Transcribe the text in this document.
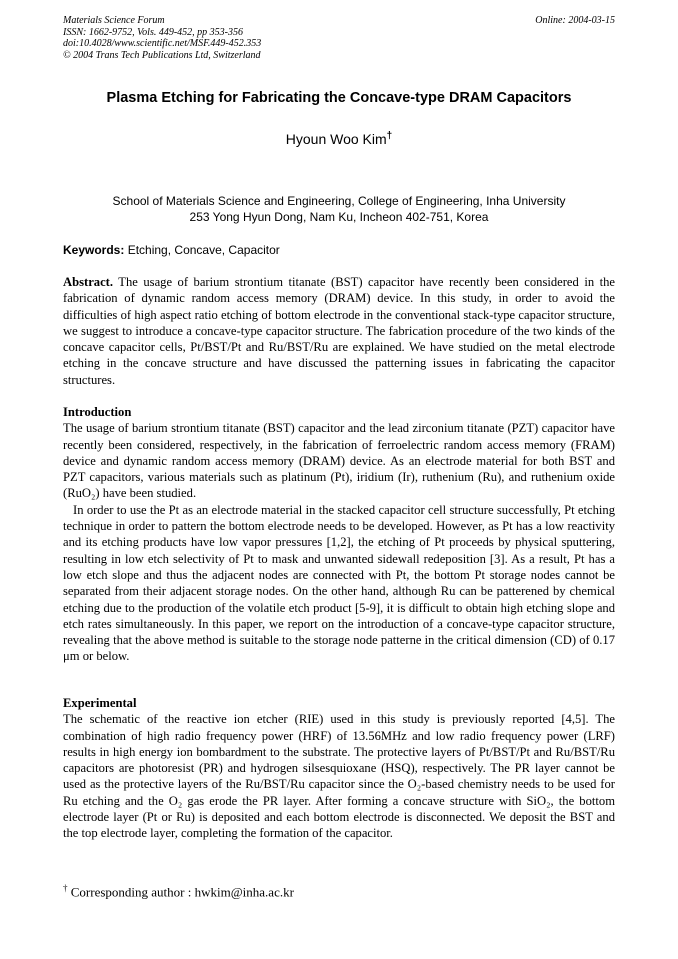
Materials Science Forum
ISSN: 1662-9752, Vols. 449-452, pp 353-356
doi:10.4028/www.scientific.net/MSF.449-452.353
© 2004 Trans Tech Publications Ltd, Switzerland
Online: 2004-03-15
Plasma Etching for Fabricating the Concave-type DRAM Capacitors
Hyoun Woo Kim†
School of Materials Science and Engineering, College of Engineering, Inha University
253 Yong Hyun Dong, Nam Ku, Incheon 402-751, Korea
Keywords: Etching, Concave, Capacitor

Abstract. The usage of barium strontium titanate (BST) capacitor have recently been considered in the fabrication of dynamic random access memory (DRAM) device. In this study, in order to avoid the difficulties of high aspect ratio etching of bottom electrode in the conventional stack-type capacitor structure, we suggest to introduce a concave-type capacitor structure. The fabrication procedure of the two kinds of the concave capacitor cells, Pt/BST/Pt and Ru/BST/Ru are explained. We have studied on the metal electrode etching in the concave structure and have discussed the patterning issues in fabricating the capacitor structures.

Introduction

The usage of barium strontium titanate (BST) capacitor and the lead zirconium titanate (PZT) capacitor have recently been considered, respectively, in the fabrication of ferroelectric random access memory (FRAM) device and dynamic random access memory (DRAM) device. As an electrode material for both BST and PZT capacitors, various materials such as platinum (Pt), iridium (Ir), ruthenium (Ru), and ruthenium oxide (RuO₂) have been studied.

In order to use the Pt as an electrode material in the stacked capacitor cell structure successfully, Pt etching technique in order to pattern the bottom electrode needs to be developed. However, as Pt has a low reactivity and its etching products have low vapor pressures [1,2], the etching of Pt proceeds by physical sputtering, resulting in low etch selectivity of Pt to mask and unwanted sidewall redeposition [3]. As a result, Pt has a low etch slope and thus the adjacent nodes are connected with Pt, the bottom Pt storage nodes cannot be separated from their adjacent storage nodes. On the other hand, although Ru can be patterened by chemical etching due to the production of the volatile etch product [5-9], it is difficult to obtain high etching slope and etch rates simultaneously. In this paper, we report on the introduction of a concave-type capacitor structure, revealing that the above method is suitable to the storage node patterne in the critical dimension (CD) of 0.17 μm or below.

Experimental

The schematic of the reactive ion etcher (RIE) used in this study is previously reported [4,5]. The combination of high radio frequency power (HRF) of 13.56MHz and low radio frequency power (LRF) results in high energy ion bombardment to the substrate. The protective layers of Pt/BST/Pt and Ru/BST/Ru capacitors are photoresist (PR) and hydrogen silsesquioxane (HSQ), respectively. The PR layer cannot be used as the protective layers of the Ru/BST/Ru capacitor since the O₂-based chemistry needs to be used for Ru etching and the O₂ gas erode the PR layer. After forming a concave structure with SiO₂, the bottom electrode layer (Pt or Ru) is deposited and each bottom electrode is disconnected. We deposit the BST and the top electrode layer, completing the formation of the capacitor.

† Corresponding author : hwkim@inha.ac.kr
